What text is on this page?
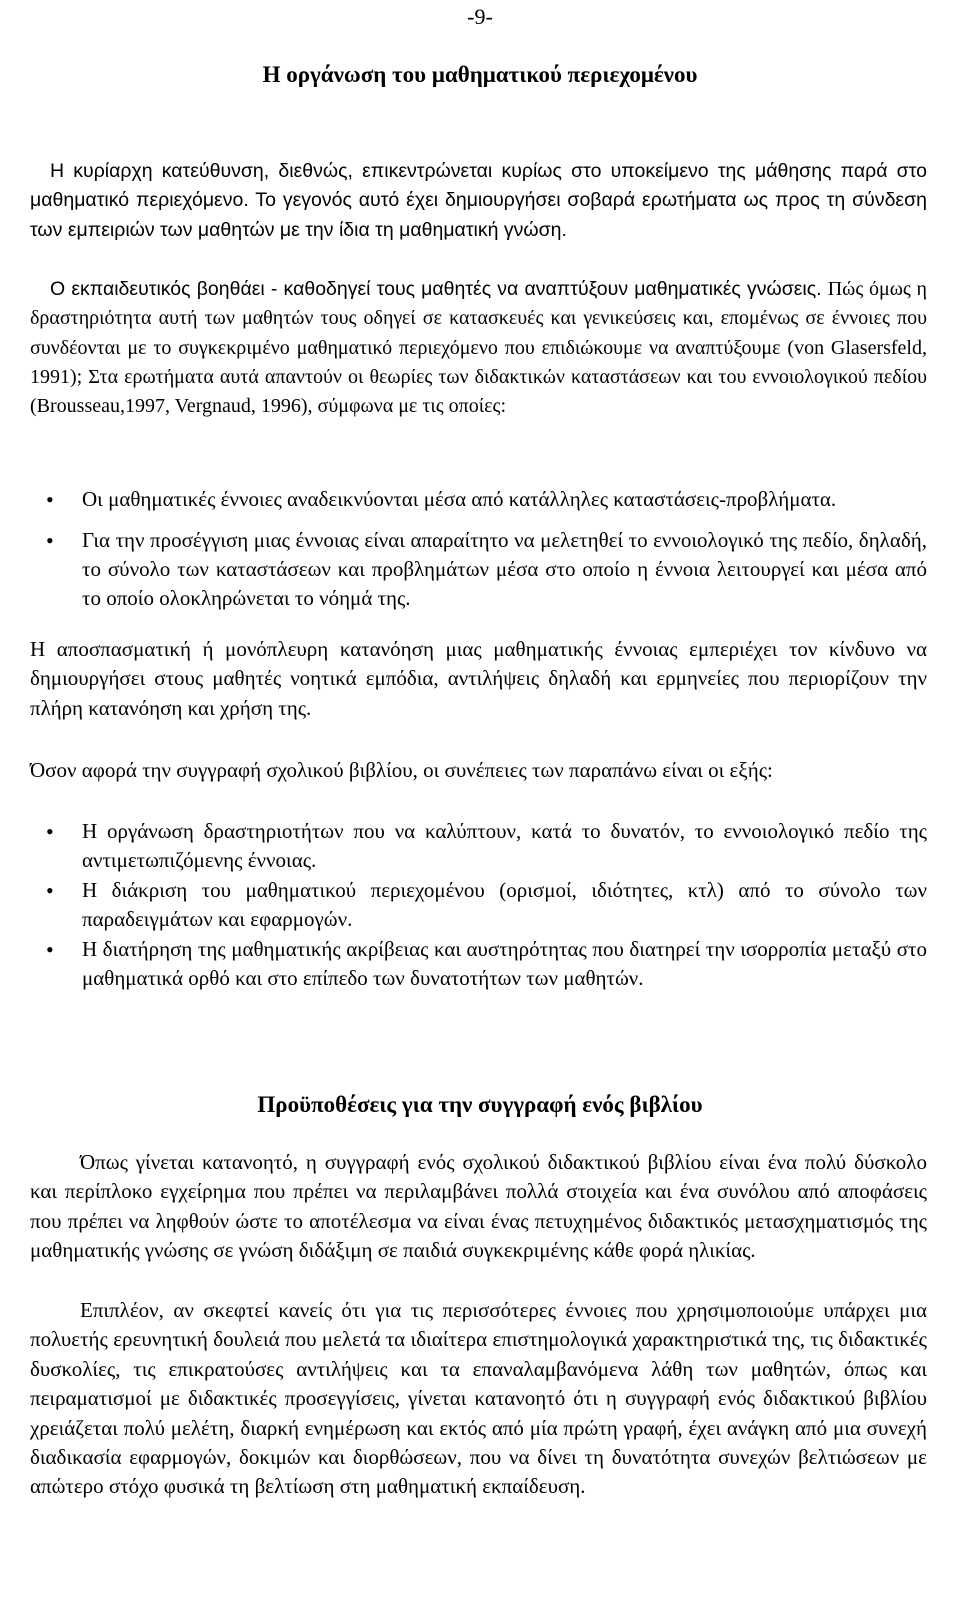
-9-
Η οργάνωση του μαθηματικού περιεχομένου

Η κυρίαρχη κατεύθυνση, διεθνώς, επικεντρώνεται κυρίως στο υποκείμενο της μάθησης παρά στο μαθηματικό περιεχόμενο. Το γεγονός αυτό έχει δημιουργήσει σοβαρά ερωτήματα ως προς τη σύνδεση των εμπειριών των μαθητών με την ίδια τη μαθηματική γνώση.

Ο εκπαιδευτικός βοηθάει - καθοδηγεί τους μαθητές να αναπτύξουν μαθηματικές γνώσεις. Πώς όμως η δραστηριότητα αυτή των μαθητών τους οδηγεί σε κατασκευές και γενικεύσεις και, επομένως σε έννοιες που συνδέονται με το συγκεκριμένο μαθηματικό περιεχόμενο που επιδιώκουμε να αναπτύξουμε (von Glasersfeld, 1991); Στα ερωτήματα αυτά απαντούν οι θεωρίες των διδακτικών καταστάσεων και του εννοιολογικού πεδίου (Brousseau,1997, Vergnaud, 1996), σύμφωνα με τις οποίες:

• Οι μαθηματικές έννοιες αναδεικνύονται μέσα από κατάλληλες καταστάσεις-προβλήματα.
• Για την προσέγγιση μιας έννοιας είναι απαραίτητο να μελετηθεί το εννοιολογικό της πεδίο, δηλαδή, το σύνολο των καταστάσεων και προβλημάτων μέσα στο οποίο η έννοια λειτουργεί και μέσα από το οποίο ολοκληρώνεται το νόημά της.

Η αποσπασματική ή μονόπλευρη κατανόηση μιας μαθηματικής έννοιας εμπεριέχει τον κίνδυνο να δημιουργήσει στους μαθητές νοητικά εμπόδια, αντιλήψεις δηλαδή και ερμηνείες που περιορίζουν την πλήρη κατανόηση και χρήση της.

Όσον αφορά την συγγραφή σχολικού βιβλίου, οι συνέπειες των παραπάνω είναι οι εξής:

• Η οργάνωση δραστηριοτήτων που να καλύπτουν, κατά το δυνατόν, το εννοιολογικό πεδίο της αντιμετωπιζόμενης έννοιας.
• Η διάκριση του μαθηματικού περιεχομένου (ορισμοί, ιδιότητες, κτλ) από το σύνολο των παραδειγμάτων και εφαρμογών.
• Η διατήρηση της μαθηματικής ακρίβειας και αυστηρότητας που διατηρεί την ισορροπία μεταξύ στο μαθηματικά ορθό και στο επίπεδο των δυνατοτήτων των μαθητών.
Προϋποθέσεις για την συγγραφή ενός βιβλίου

Όπως γίνεται κατανοητό, η συγγραφή ενός σχολικού διδακτικού βιβλίου είναι ένα πολύ δύσκολο και περίπλοκο εγχείρημα που πρέπει να περιλαμβάνει πολλά στοιχεία και ένα συνόλου από αποφάσεις που πρέπει να ληφθούν ώστε το αποτέλεσμα να είναι ένας πετυχημένος διδακτικός μετασχηματισμός της μαθηματικής γνώσης σε γνώση διδάξιμη σε παιδιά συγκεκριμένης κάθε φορά ηλικίας.

Επιπλέον, αν σκεφτεί κανείς ότι για τις περισσότερες έννοιες που χρησιμοποιούμε υπάρχει μια πολυετής ερευνητική δουλειά που μελετά τα ιδιαίτερα επιστημολογικά χαρακτηριστικά της, τις διδακτικές δυσκολίες, τις επικρατούσες αντιλήψεις και τα επαναλαμβανόμενα λάθη των μαθητών, όπως και πειραματισμοί με διδακτικές προσεγγίσεις, γίνεται κατανοητό ότι η συγγραφή ενός διδακτικού βιβλίου χρειάζεται πολύ μελέτη, διαρκή ενημέρωση και εκτός από μία πρώτη γραφή, έχει ανάγκη από μια συνεχή διαδικασία εφαρμογών, δοκιμών και διορθώσεων, που να δίνει τη δυνατότητα συνεχών βελτιώσεων με απώτερο στόχο φυσικά τη βελτίωση στη μαθηματική εκπαίδευση.
